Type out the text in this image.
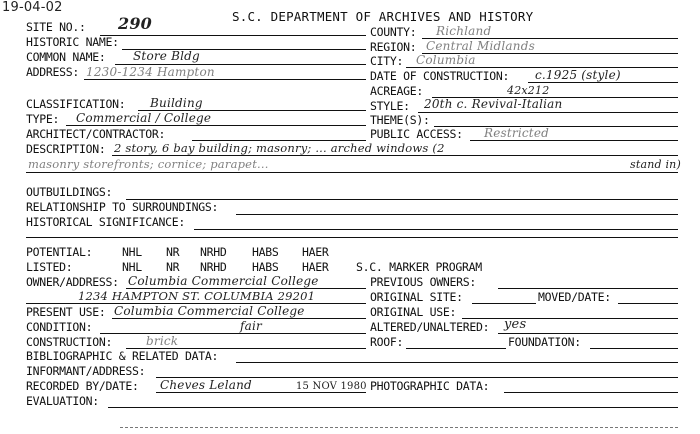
19-04-02
S.C. DEPARTMENT OF ARCHIVES AND HISTORY
SITE NO.: 290
HISTORIC NAME:
COMMON NAME: Store Bldg
ADDRESS: 1230-1234 Hampton
COUNTY: Richland
REGION: Central Midlands
CITY: Columbia
DATE OF CONSTRUCTION: c.1925 (style)
ACREAGE:	42x212
STYLE: 20th c. Revival-Italian
THEME(S):
PUBLIC ACCESS: Restricted
CLASSIFICATION: Building
TYPE: Commercial / College
ARCHITECT/CONTRACTOR:
DESCRIPTION: 2 story, 6 bay building; masonry; ... arched windows (2
masonry storefronts; cornice; parapet...	stand in)
OUTBUILDINGS:
RELATIONSHIP TO SURROUNDINGS:
HISTORICAL SIGNIFICANCE:
POTENTIAL:	NHL NR NRHD HABS HAER
LISTED:	NHL NR NRHD HABS HAER S.C. MARKER PROGRAM
OWNER/ADDRESS: Columbia Commercial College
1234 HAMPTON ST. COLUMBIA 29201
PREVIOUS OWNERS:
ORIGINAL SITE:	MOVED/DATE:
PRESENT USE: Columbia Commercial College	ORIGINAL USE:
CONDITION:	fair	ALTERED/UNALTERED: yes
CONSTRUCTION:	brick	ROOF:	FOUNDATION:
BIBLIOGRAPHIC & RELATED DATA:
INFORMANT/ADDRESS:
RECORDED BY/DATE: Cheves Leland	15 NOV 1980 PHOTOGRAPHIC DATA:
EVALUATION:
